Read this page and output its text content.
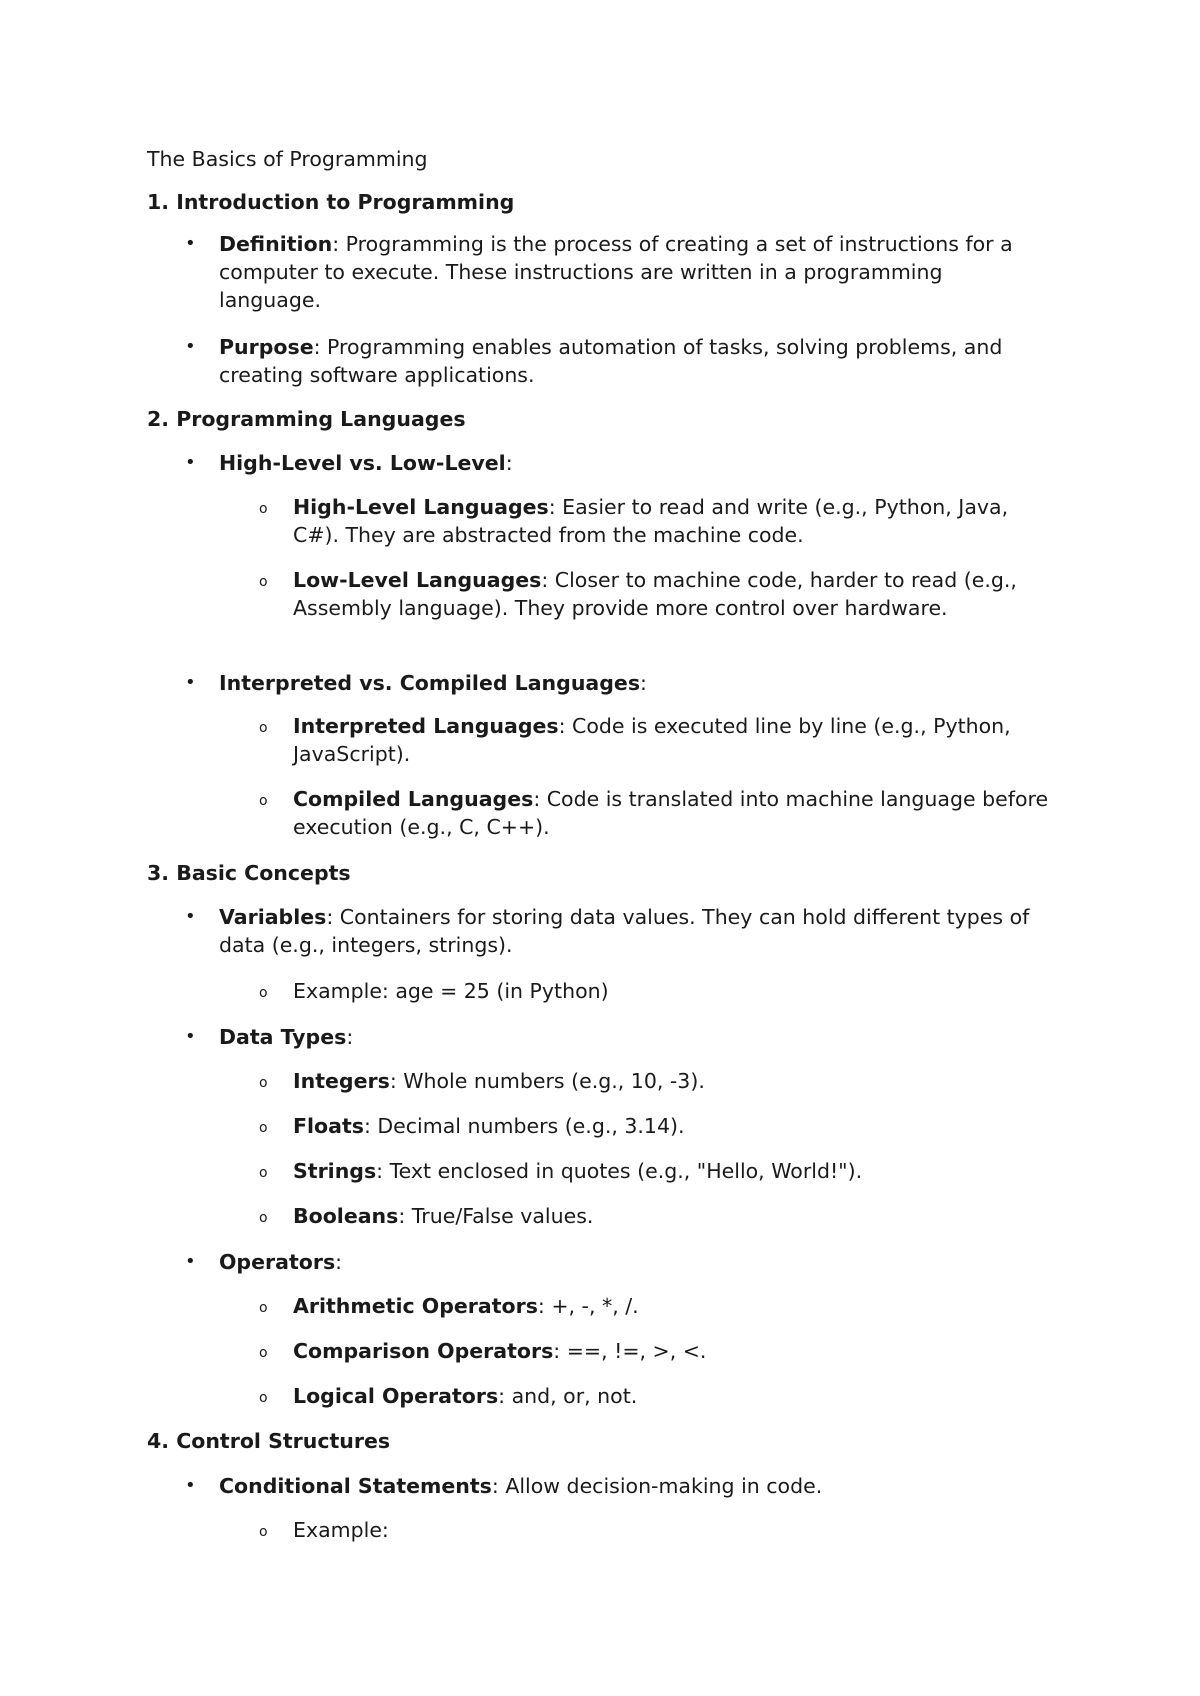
The Basics of Programming
1. Introduction to Programming
• Definition: Programming is the process of creating a set of instructions for a computer to execute. These instructions are written in a programming language.
• Purpose: Programming enables automation of tasks, solving problems, and creating software applications.
2. Programming Languages
• High-Level vs. Low-Level:
o High-Level Languages: Easier to read and write (e.g., Python, Java, C#). They are abstracted from the machine code.
o Low-Level Languages: Closer to machine code, harder to read (e.g., Assembly language). They provide more control over hardware.
• Interpreted vs. Compiled Languages:
o Interpreted Languages: Code is executed line by line (e.g., Python, JavaScript).
o Compiled Languages: Code is translated into machine language before execution (e.g., C, C++).
3. Basic Concepts
• Variables: Containers for storing data values. They can hold different types of data (e.g., integers, strings).
o Example: age = 25 (in Python)
• Data Types:
o Integers: Whole numbers (e.g., 10, -3).
o Floats: Decimal numbers (e.g., 3.14).
o Strings: Text enclosed in quotes (e.g., "Hello, World!").
o Booleans: True/False values.
• Operators:
o Arithmetic Operators: +, -, *, /.
o Comparison Operators: ==, !=, >, <.
o Logical Operators: and, or, not.
4. Control Structures
• Conditional Statements: Allow decision-making in code.
o Example:
